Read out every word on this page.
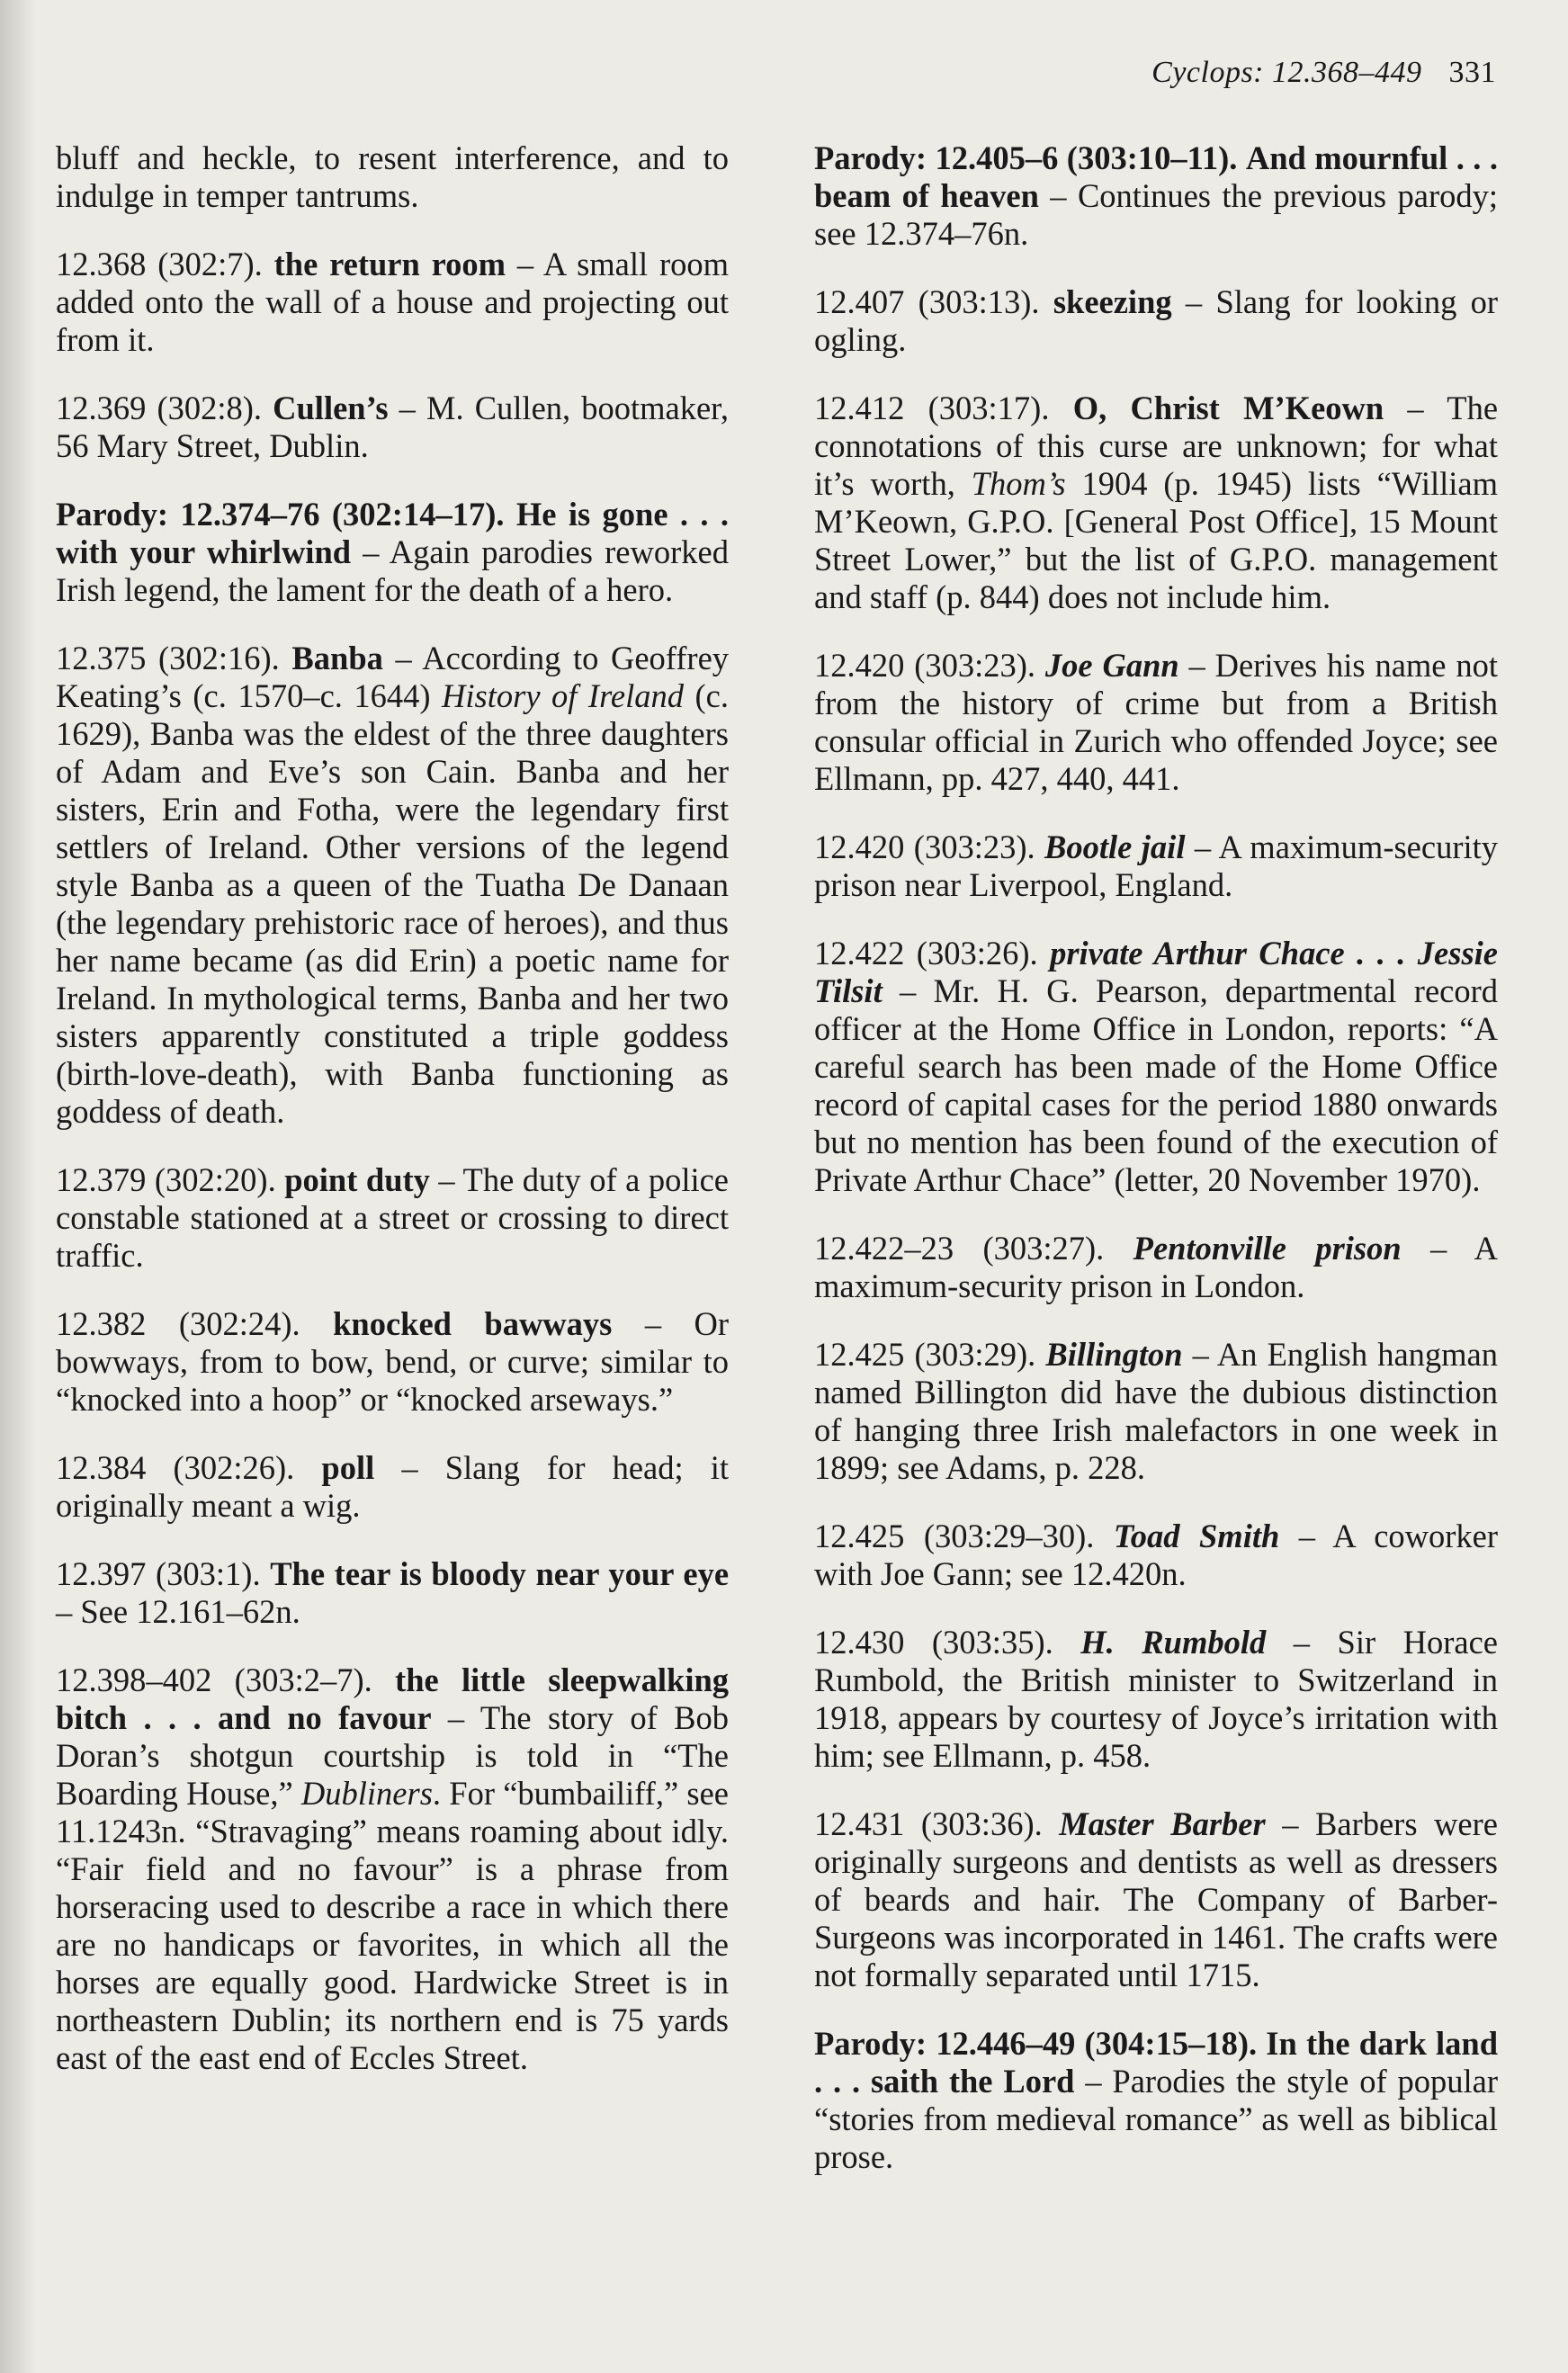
Cyclops: 12.368–449 331

bluff and heckle, to resent interference, and to indulge in temper tantrums.

12.368 (302:7). the return room – A small room added onto the wall of a house and projecting out from it.

12.369 (302:8). Cullen’s – M. Cullen, bootmaker, 56 Mary Street, Dublin.

Parody: 12.374–76 (302:14–17). He is gone . . . with your whirlwind – Again parodies reworked Irish legend, the lament for the death of a hero.

12.375 (302:16). Banba – According to Geoffrey Keating’s (c. 1570–c. 1644) History of Ireland (c. 1629), Banba was the eldest of the three daughters of Adam and Eve’s son Cain. Banba and her sisters, Erin and Fotha, were the legendary first settlers of Ireland. Other versions of the legend style Banba as a queen of the Tuatha De Danaan (the legendary prehistoric race of heroes), and thus her name became (as did Erin) a poetic name for Ireland. In mythological terms, Banba and her two sisters apparently constituted a triple goddess (birth-love-death), with Banba functioning as goddess of death.

12.379 (302:20). point duty – The duty of a police constable stationed at a street or crossing to direct traffic.

12.382 (302:24). knocked bawways – Or bowways, from to bow, bend, or curve; similar to “knocked into a hoop” or “knocked arseways.”

12.384 (302:26). poll – Slang for head; it originally meant a wig.

12.397 (303:1). The tear is bloody near your eye – See 12.161–62n.

12.398–402 (303:2–7). the little sleepwalking bitch . . . and no favour – The story of Bob Doran’s shotgun courtship is told in “The Boarding House,” Dubliners. For “bumbailiff,” see 11.1243n. “Stravaging” means roaming about idly. “Fair field and no favour” is a phrase from horseracing used to describe a race in which there are no handicaps or favorites, in which all the horses are equally good. Hardwicke Street is in northeastern Dublin; its northern end is 75 yards east of the east end of Eccles Street.

Parody: 12.405–6 (303:10–11). And mournful . . . beam of heaven – Continues the previous parody; see 12.374–76n.

12.407 (303:13). skeezing – Slang for looking or ogling.

12.412 (303:17). O, Christ M’Keown – The connotations of this curse are unknown; for what it’s worth, Thom’s 1904 (p. 1945) lists “William M’Keown, G.P.O. [General Post Office], 15 Mount Street Lower,” but the list of G.P.O. management and staff (p. 844) does not include him.

12.420 (303:23). Joe Gann – Derives his name not from the history of crime but from a British consular official in Zurich who offended Joyce; see Ellmann, pp. 427, 440, 441.

12.420 (303:23). Bootle jail – A maximum-security prison near Liverpool, England.

12.422 (303:26). private Arthur Chace . . . Jessie Tilsit – Mr. H. G. Pearson, departmental record officer at the Home Office in London, reports: “A careful search has been made of the Home Office record of capital cases for the period 1880 onwards but no mention has been found of the execution of Private Arthur Chace” (letter, 20 November 1970).

12.422–23 (303:27). Pentonville prison – A maximum-security prison in London.

12.425 (303:29). Billington – An English hangman named Billington did have the dubious distinction of hanging three Irish malefactors in one week in 1899; see Adams, p. 228.

12.425 (303:29–30). Toad Smith – A coworker with Joe Gann; see 12.420n.

12.430 (303:35). H. Rumbold – Sir Horace Rumbold, the British minister to Switzerland in 1918, appears by courtesy of Joyce’s irritation with him; see Ellmann, p. 458.

12.431 (303:36). Master Barber – Barbers were originally surgeons and dentists as well as dressers of beards and hair. The Company of Barber-Surgeons was incorporated in 1461. The crafts were not formally separated until 1715.

Parody: 12.446–49 (304:15–18). In the dark land . . . saith the Lord – Parodies the style of popular “stories from medieval romance” as well as biblical prose.
